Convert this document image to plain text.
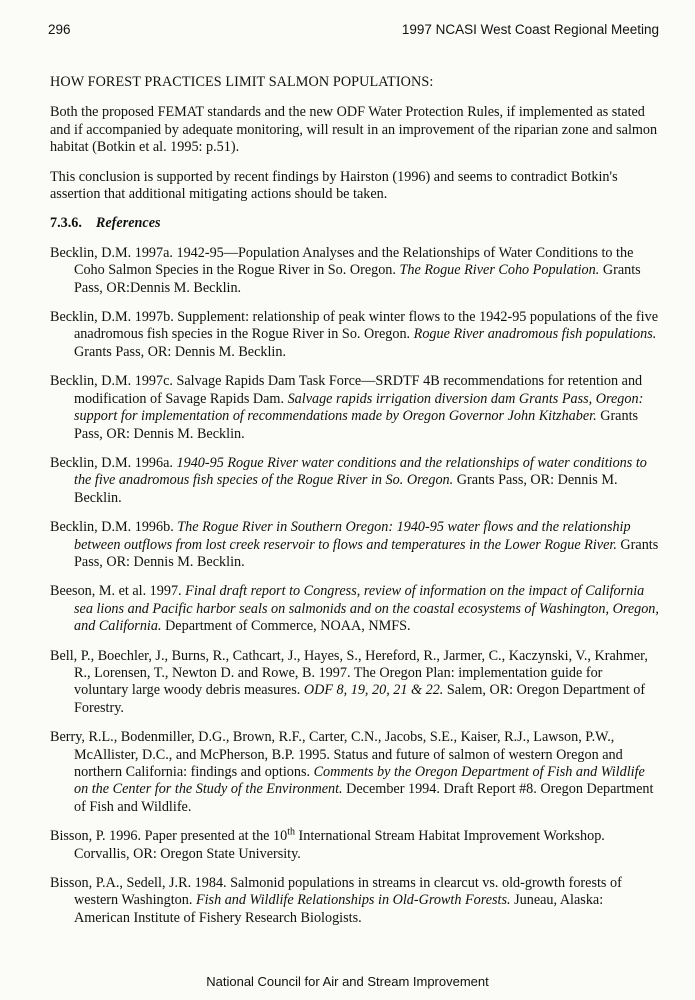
296	1997 NCASI West Coast Regional Meeting

HOW FOREST PRACTICES LIMIT SALMON POPULATIONS:

Both the proposed FEMAT standards and the new ODF Water Protection Rules, if implemented as stated and if accompanied by adequate monitoring, will result in an improvement of the riparian zone and salmon habitat (Botkin et al. 1995: p.51).

This conclusion is supported by recent findings by Hairston (1996) and seems to contradict Botkin's assertion that additional mitigating actions should be taken.

7.3.6. References

Becklin, D.M. 1997a. 1942-95—Population Analyses and the Relationships of Water Conditions to the Coho Salmon Species in the Rogue River in So. Oregon. The Rogue River Coho Population. Grants Pass, OR:Dennis M. Becklin.

Becklin, D.M. 1997b. Supplement: relationship of peak winter flows to the 1942-95 populations of the five anadromous fish species in the Rogue River in So. Oregon. Rogue River anadromous fish populations. Grants Pass, OR: Dennis M. Becklin.

Becklin, D.M. 1997c. Salvage Rapids Dam Task Force—SRDTF 4B recommendations for retention and modification of Savage Rapids Dam. Salvage rapids irrigation diversion dam Grants Pass, Oregon: support for implementation of recommendations made by Oregon Governor John Kitzhaber. Grants Pass, OR: Dennis M. Becklin.

Becklin, D.M. 1996a. 1940-95 Rogue River water conditions and the relationships of water conditions to the five anadromous fish species of the Rogue River in So. Oregon. Grants Pass, OR: Dennis M. Becklin.

Becklin, D.M. 1996b. The Rogue River in Southern Oregon: 1940-95 water flows and the relationship between outflows from lost creek reservoir to flows and temperatures in the Lower Rogue River. Grants Pass, OR: Dennis M. Becklin.

Beeson, M. et al. 1997. Final draft report to Congress, review of information on the impact of California sea lions and Pacific harbor seals on salmonids and on the coastal ecosystems of Washington, Oregon, and California. Department of Commerce, NOAA, NMFS.

Bell, P., Boechler, J., Burns, R., Cathcart, J., Hayes, S., Hereford, R., Jarmer, C., Kaczynski, V., Krahmer, R., Lorensen, T., Newton D. and Rowe, B. 1997. The Oregon Plan: implementation guide for voluntary large woody debris measures. ODF 8, 19, 20, 21 & 22. Salem, OR: Oregon Department of Forestry.

Berry, R.L., Bodenmiller, D.G., Brown, R.F., Carter, C.N., Jacobs, S.E., Kaiser, R.J., Lawson, P.W., McAllister, D.C., and McPherson, B.P. 1995. Status and future of salmon of western Oregon and northern California: findings and options. Comments by the Oregon Department of Fish and Wildlife on the Center for the Study of the Environment. December 1994. Draft Report #8. Oregon Department of Fish and Wildlife.

Bisson, P. 1996. Paper presented at the 10th International Stream Habitat Improvement Workshop. Corvallis, OR: Oregon State University.

Bisson, P.A., Sedell, J.R. 1984. Salmonid populations in streams in clearcut vs. old-growth forests of western Washington. Fish and Wildlife Relationships in Old-Growth Forests. Juneau, Alaska: American Institute of Fishery Research Biologists.

National Council for Air and Stream Improvement
